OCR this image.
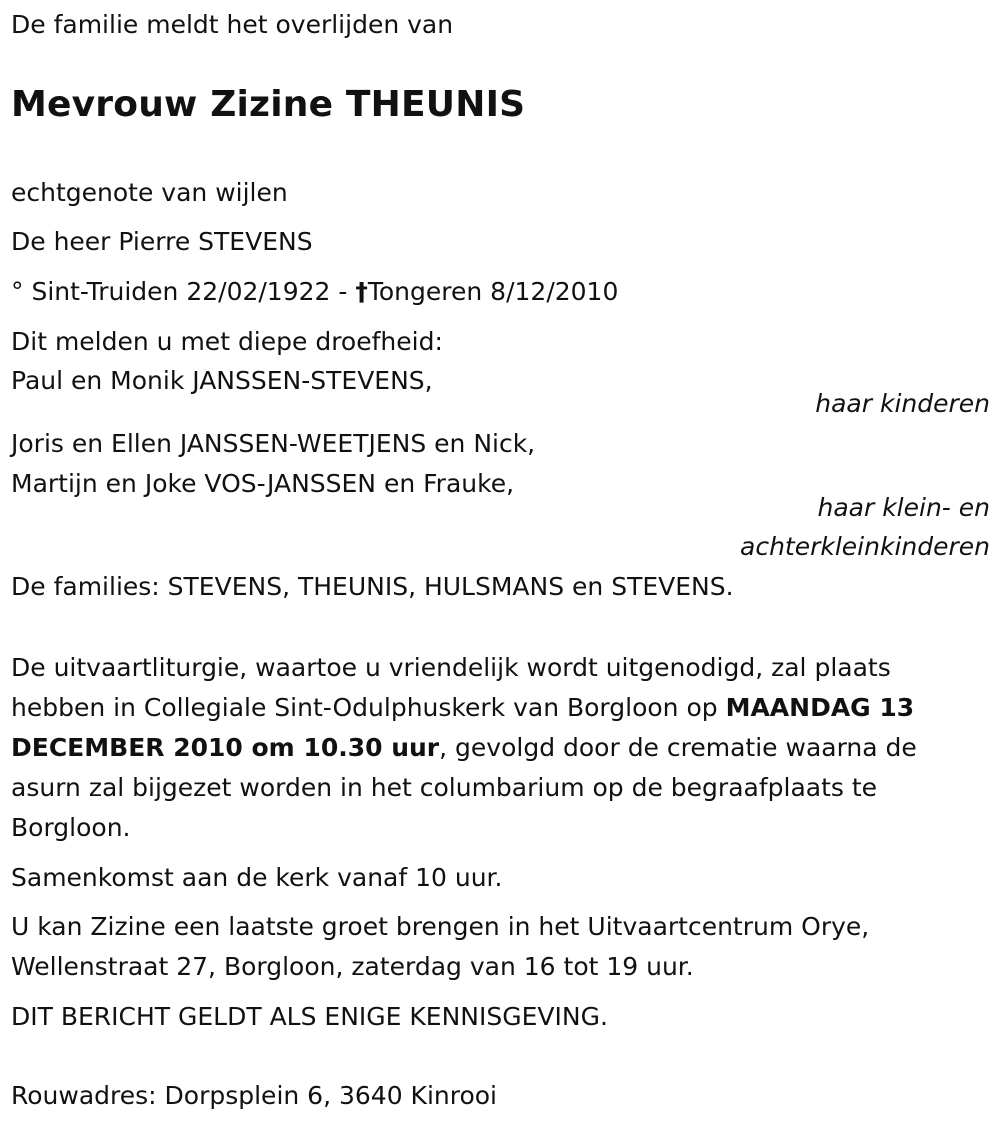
De familie meldt het overlijden van
Mevrouw Zizine THEUNIS
echtgenote van wijlen
De heer Pierre STEVENS
° Sint-Truiden 22/02/1922 - †Tongeren 8/12/2010
Dit melden u met diepe droefheid:
Paul en Monik JANSSEN-STEVENS,
haar kinderen
Joris en Ellen JANSSEN-WEETJENS en Nick,
Martijn en Joke VOS-JANSSEN en Frauke,
haar klein- en
achterkleinkinderen
De families: STEVENS, THEUNIS, HULSMANS en STEVENS.
De uitvaartliturgie, waartoe u vriendelijk wordt uitgenodigd, zal plaats hebben in Collegiale Sint-Odulphuskerk van Borgloon op MAANDAG 13 DECEMBER 2010 om 10.30 uur, gevolgd door de crematie waarna de asurn zal bijgezet worden in het columbarium op de begraafplaats te Borgloon.
Samenkomst aan de kerk vanaf 10 uur.
U kan Zizine een laatste groet brengen in het Uitvaartcentrum Orye, Wellenstraat 27, Borgloon, zaterdag van 16 tot 19 uur.
DIT BERICHT GELDT ALS ENIGE KENNISGEVING.
Rouwadres: Dorpsplein 6, 3640 Kinrooi
